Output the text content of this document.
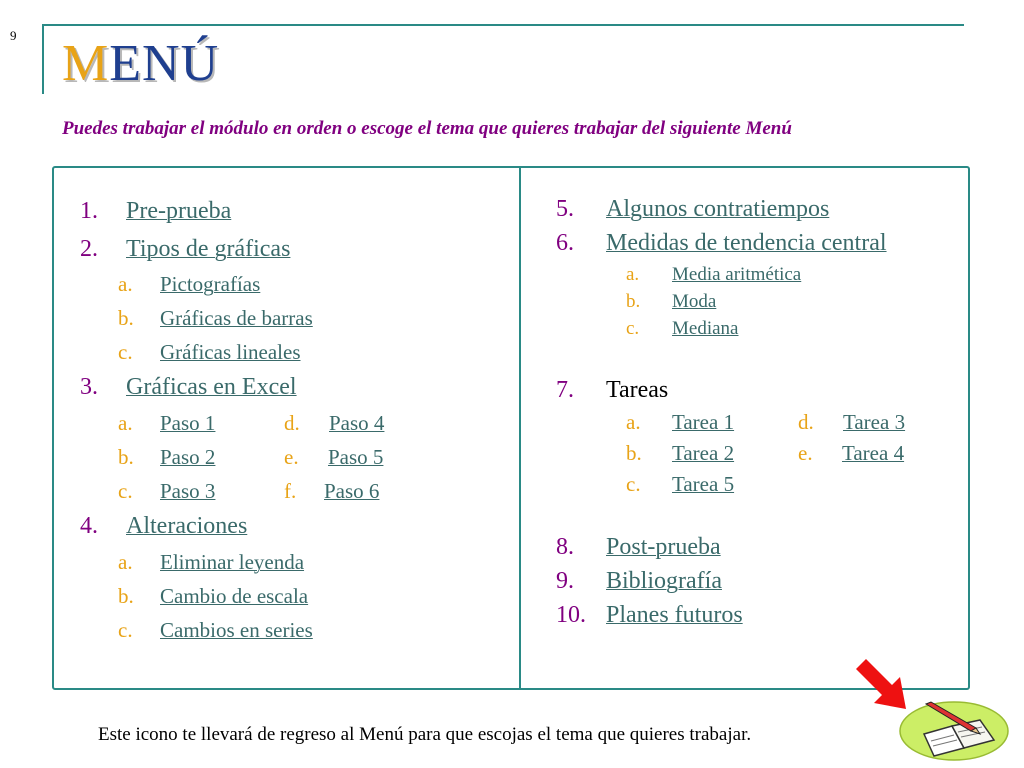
9 MENÚ
Puedes trabajar el módulo en orden o escoge el tema que quieres trabajar del siguiente Menú
1. Pre-prueba
2. Tipos de gráficas
a. Pictografías
b. Gráficas de barras
c. Gráficas lineales
3. Gráficas en Excel
a. Paso 1
b. Paso 2
c. Paso 3
d. Paso 4
e. Paso 5
f. Paso 6
4. Alteraciones
a. Eliminar leyenda
b. Cambio de escala
c. Cambios en series
5. Algunos contratiempos
6. Medidas de tendencia central
a. Media aritmética
b. Moda
c. Mediana
7. Tareas
a. Tarea 1
b. Tarea 2
c. Tarea 5
d. Tarea 3
e. Tarea 4
8. Post-prueba
9. Bibliografía
10. Planes futuros
Este icono te llevará de regreso al Menú para que escojas el tema que quieres trabajar.
